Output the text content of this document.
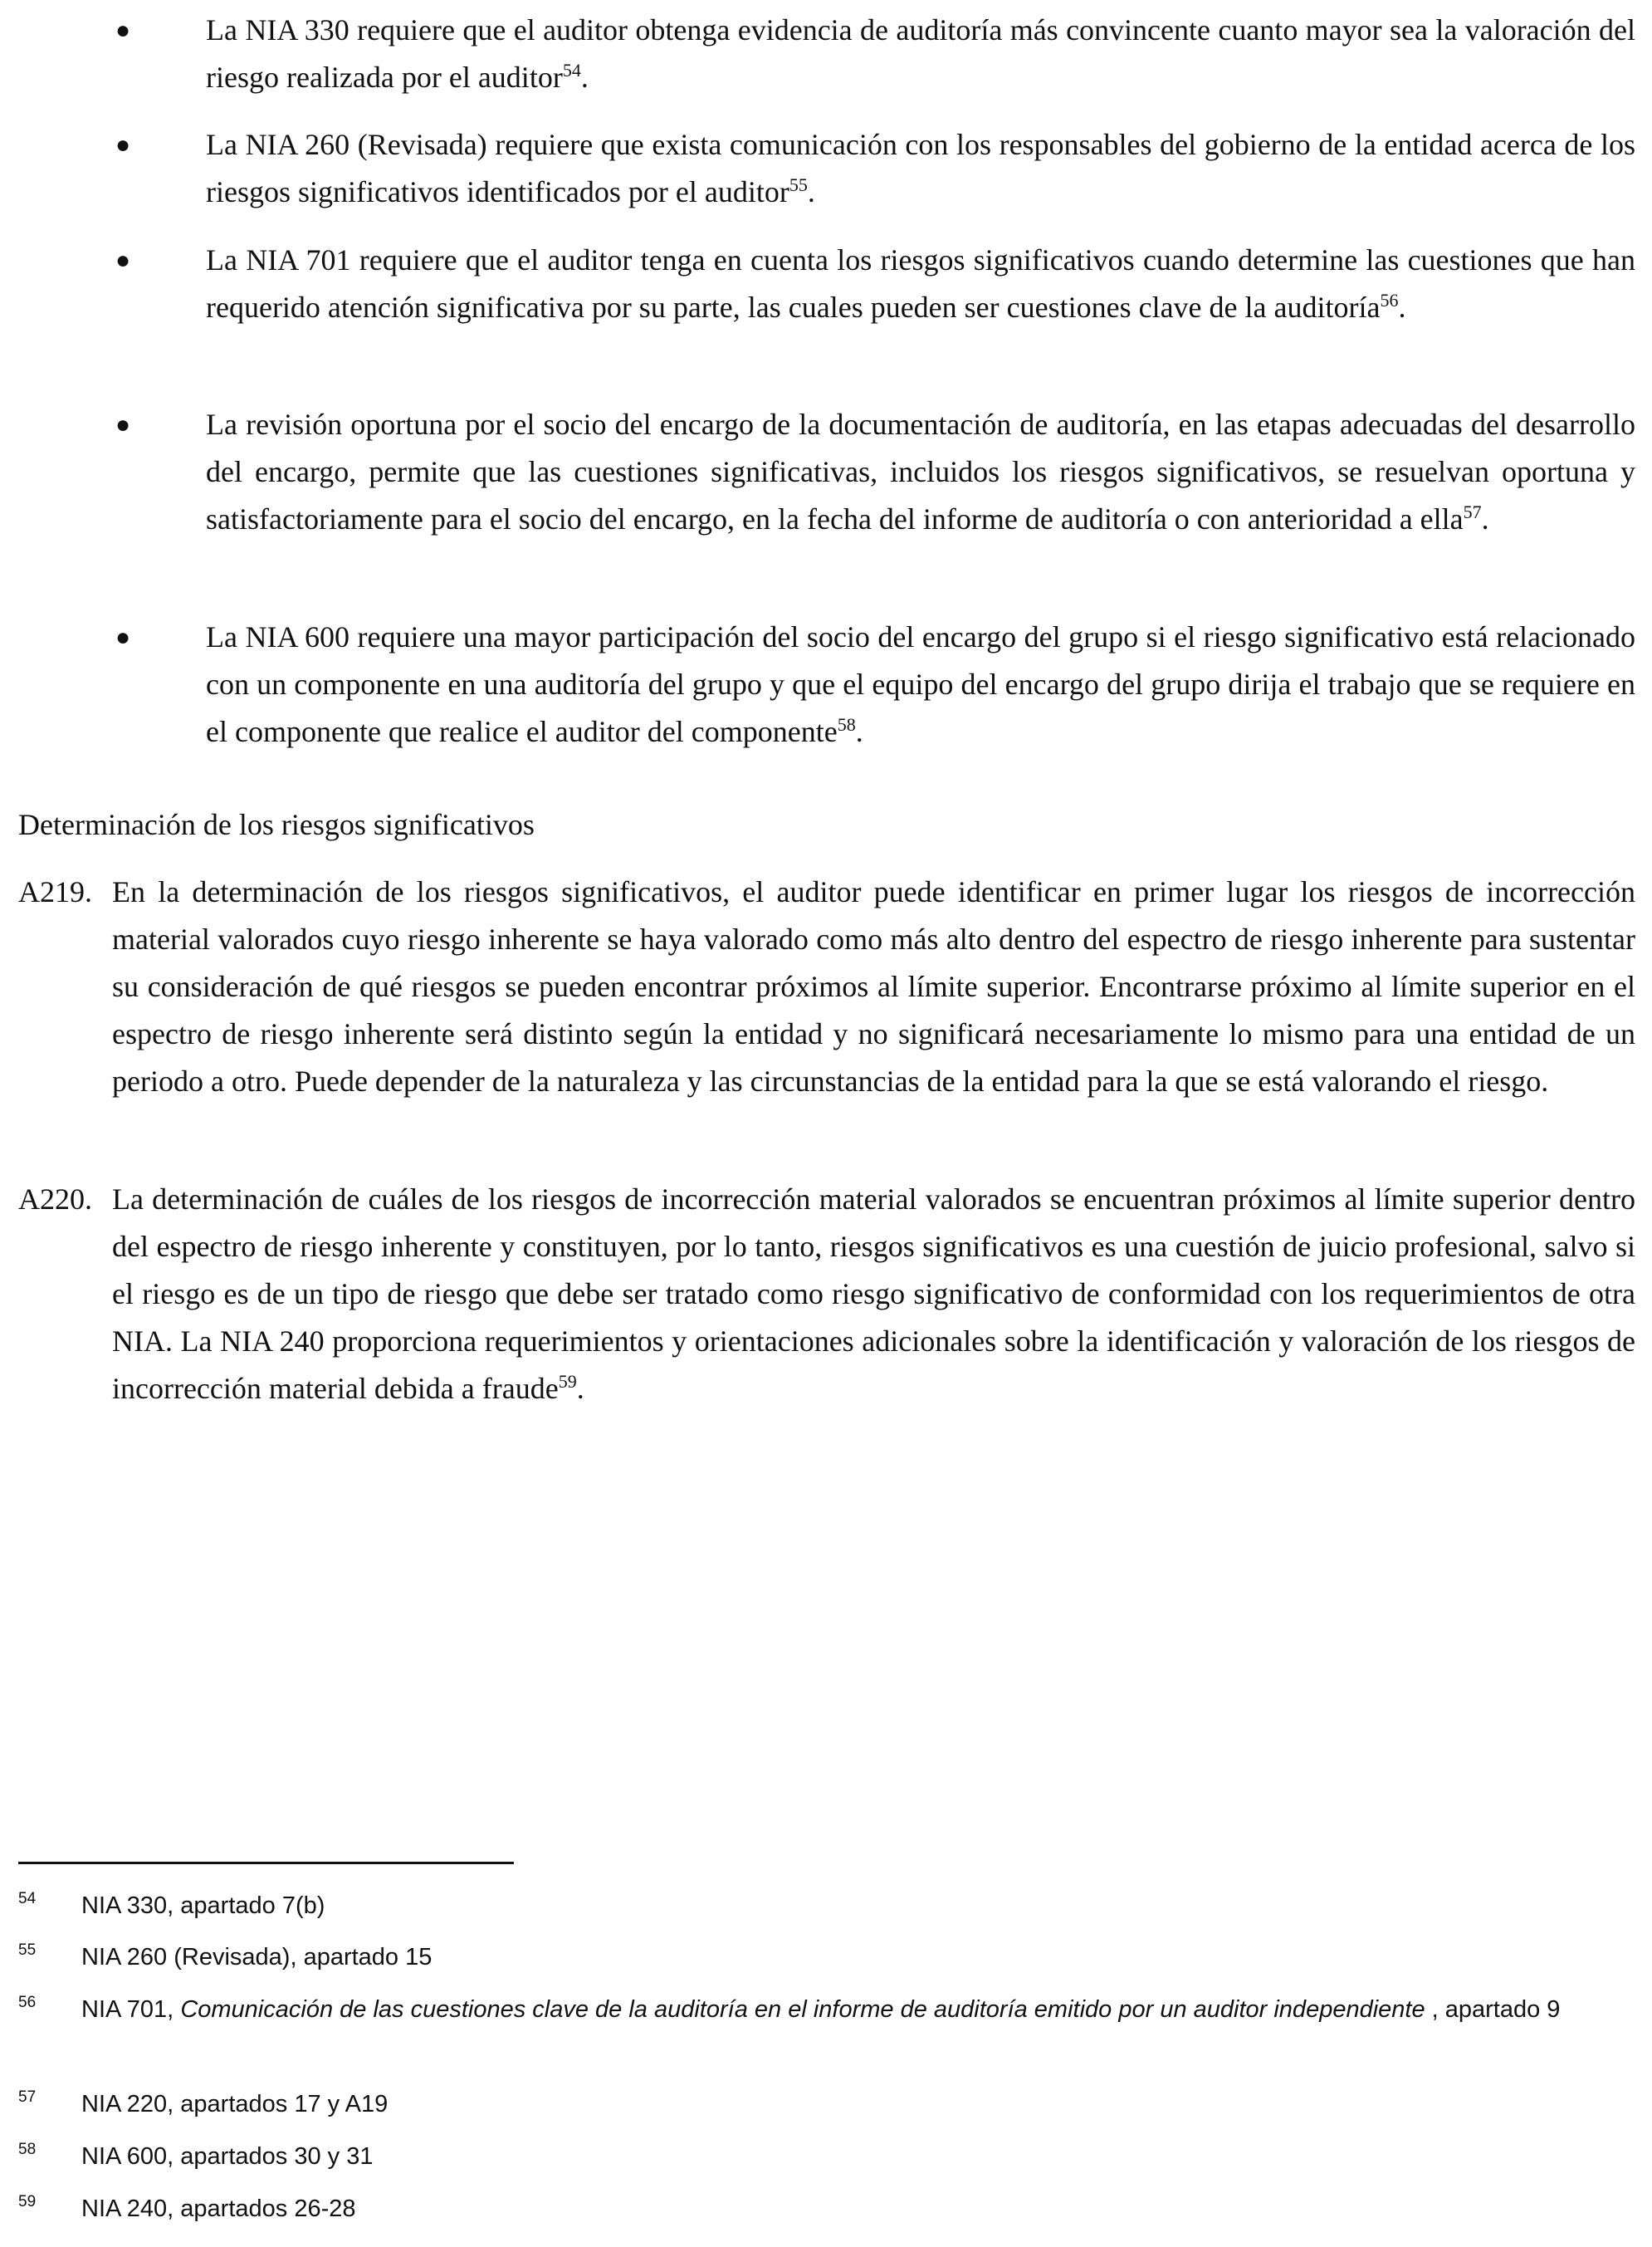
●	La NIA 330 requiere que el auditor obtenga evidencia de auditoría más convincente cuanto mayor sea la valoración del riesgo realizada por el auditor$^{54}$.
●	La NIA 260 (Revisada) requiere que exista comunicación con los responsables del gobierno de la entidad acerca de los riesgos significativos identificados por el auditor$^{55}$.
●	La NIA 701 requiere que el auditor tenga en cuenta los riesgos significativos cuando determine las cuestiones que han requerido atención significativa por su parte, las cuales pueden ser cuestiones clave de la auditoría$^{56}$.
●	La revisión oportuna por el socio del encargo de la documentación de auditoría, en las etapas adecuadas del desarrollo del encargo, permite que las cuestiones significativas, incluidos los riesgos significativos, se resuelvan oportuna y satisfactoriamente para el socio del encargo, en la fecha del informe de auditoría o con anterioridad a ella$^{57}$.
●	La NIA 600 requiere una mayor participación del socio del encargo del grupo si el riesgo significativo está relacionado con un componente en una auditoría del grupo y que el equipo del encargo del grupo dirija el trabajo que se requiere en el componente que realice el auditor del componente$^{58}$.
Determinación de los riesgos significativos
A219. En la determinación de los riesgos significativos, el auditor puede identificar en primer lugar los riesgos de incorrección material valorados cuyo riesgo inherente se haya valorado como más alto dentro del espectro de riesgo inherente para sustentar su consideración de qué riesgos se pueden encontrar próximos al límite superior. Encontrarse próximo al límite superior en el espectro de riesgo inherente será distinto según la entidad y no significará necesariamente lo mismo para una entidad de un periodo a otro. Puede depender de la naturaleza y las circunstancias de la entidad para la que se está valorando el riesgo.
A220. La determinación de cuáles de los riesgos de incorrección material valorados se encuentran próximos al límite superior dentro del espectro de riesgo inherente y constituyen, por lo tanto, riesgos significativos es una cuestión de juicio profesional, salvo si el riesgo es de un tipo de riesgo que debe ser tratado como riesgo significativo de conformidad con los requerimientos de otra NIA. La NIA 240 proporciona requerimientos y orientaciones adicionales sobre la identificación y valoración de los riesgos de incorrección material debida a fraude$^{59}$.
54 NIA 330, apartado 7(b)
55 NIA 260 (Revisada), apartado 15
56 NIA 701, Comunicación de las cuestiones clave de la auditoría en el informe de auditoría emitido por un auditor independiente , apartado 9
57 NIA 220, apartados 17 y A19
58 NIA 600, apartados 30 y 31
59 NIA 240, apartados 26-28
